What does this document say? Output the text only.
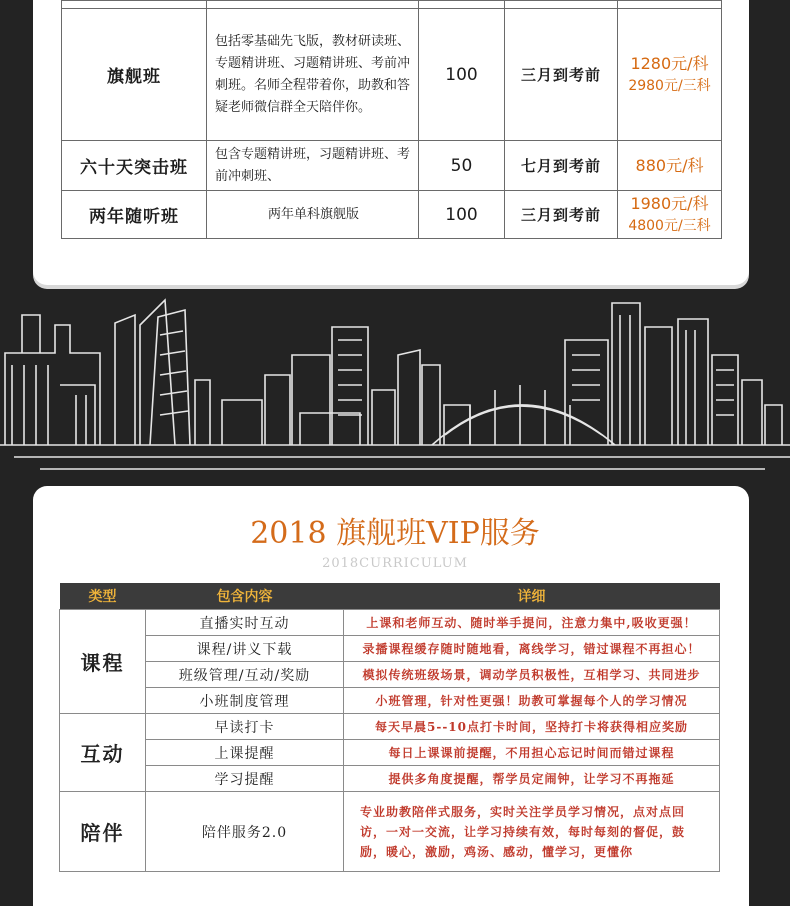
旗舰班	包括零基础先飞版，教材研读班、专题精讲班、习题精讲班、考前冲刺班。名师全程带着你，助教和答疑老师微信群全天陪伴你。	100	三月到考前	1280元/科
2980元/三科

六十天突击班	包含专题精讲班，习题精讲班、考前冲刺班、	50	七月到考前	880元/科

两年随听班	两年单科旗舰版	100	三月到考前	1980元/科
4800元/三科
2018 旗舰班VIP服务
2018CURRICULUM
类型	包含内容	详细
课程	直播实时互动	上课和老师互动、随时举手提问，注意力集中,吸收更强！
	课程/讲义下载	录播课程缓存随时随地看，离线学习，错过课程不再担心！
	班级管理/互动/奖励	模拟传统班级场景，调动学员积极性，互相学习、共同进步
	小班制度管理	小班管理，针对性更强！助教可掌握每个人的学习情况
互动	早读打卡	每天早晨5--10点打卡时间，坚持打卡将获得相应奖励
	上课提醒	每日上课课前提醒，不用担心忘记时间而错过课程
	学习提醒	提供多角度提醒，帮学员定闹钟，让学习不再拖延
陪伴	陪伴服务2.0	专业助教陪伴式服务，实时关注学员学习情况，点对点回访，一对一交流，让学习持续有效，每时每刻的督促，鼓励，暖心，激励，鸡汤、感动，懂学习，更懂你
